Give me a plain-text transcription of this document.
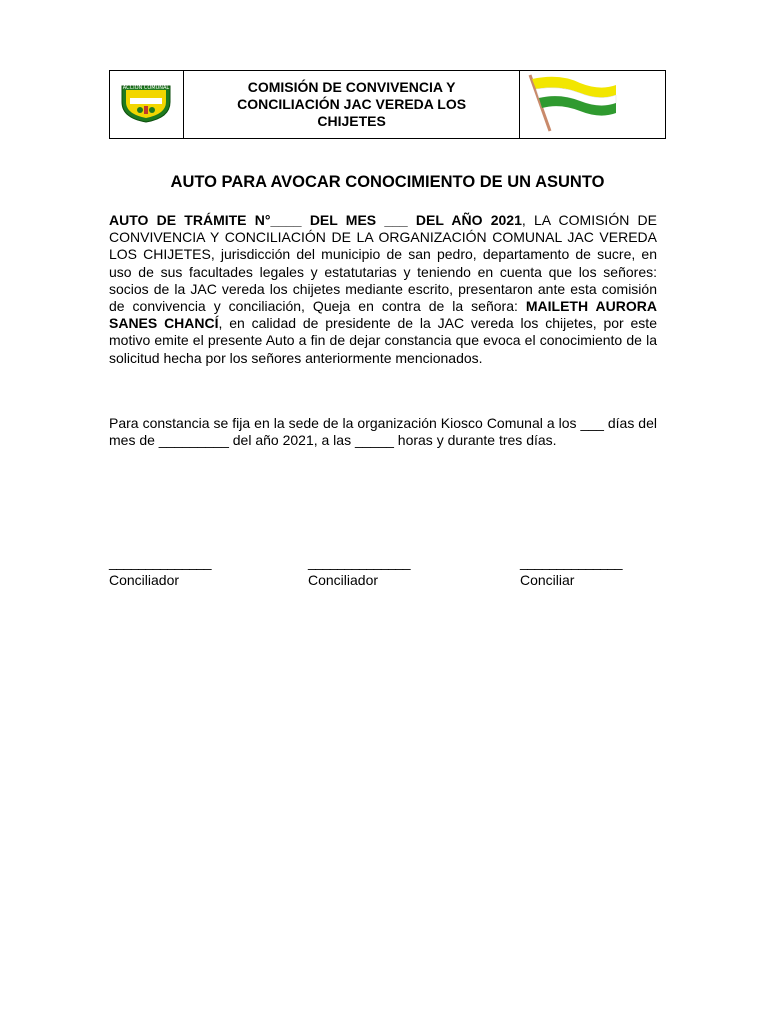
ACCION COMUNAL	COMISIÓN DE CONVIVENCIA Y
CONCILIACIÓN JAC VEREDA LOS
CHIJETES

AUTO PARA AVOCAR CONOCIMIENTO DE UN ASUNTO
AUTO DE TRÁMITE N°____ DEL MES ___ DEL AÑO 2021, LA COMISIÓN DE CONVIVENCIA Y CONCILIACIÓN DE LA ORGANIZACIÓN COMUNAL JAC VEREDA LOS CHIJETES, jurisdicción del municipio de san pedro, departamento de sucre, en uso de sus facultades legales y estatutarias y teniendo en cuenta que los señores: socios de la JAC vereda los chijetes mediante escrito, presentaron ante esta comisión de convivencia y conciliación, Queja en contra de la señora: MAILETH AURORA SANES CHANCÍ, en calidad de presidente de la JAC vereda los chijetes, por este motivo emite el presente Auto a fin de dejar constancia que evoca el conocimiento de la solicitud hecha por los señores anteriormente mencionados.
Para constancia se fija en la sede de la organización Kiosco Comunal a los ___ días del mes de _________ del año 2021, a las _____ horas y durante tres días.
______________
Conciliador
______________
Conciliador
______________
Conciliar
